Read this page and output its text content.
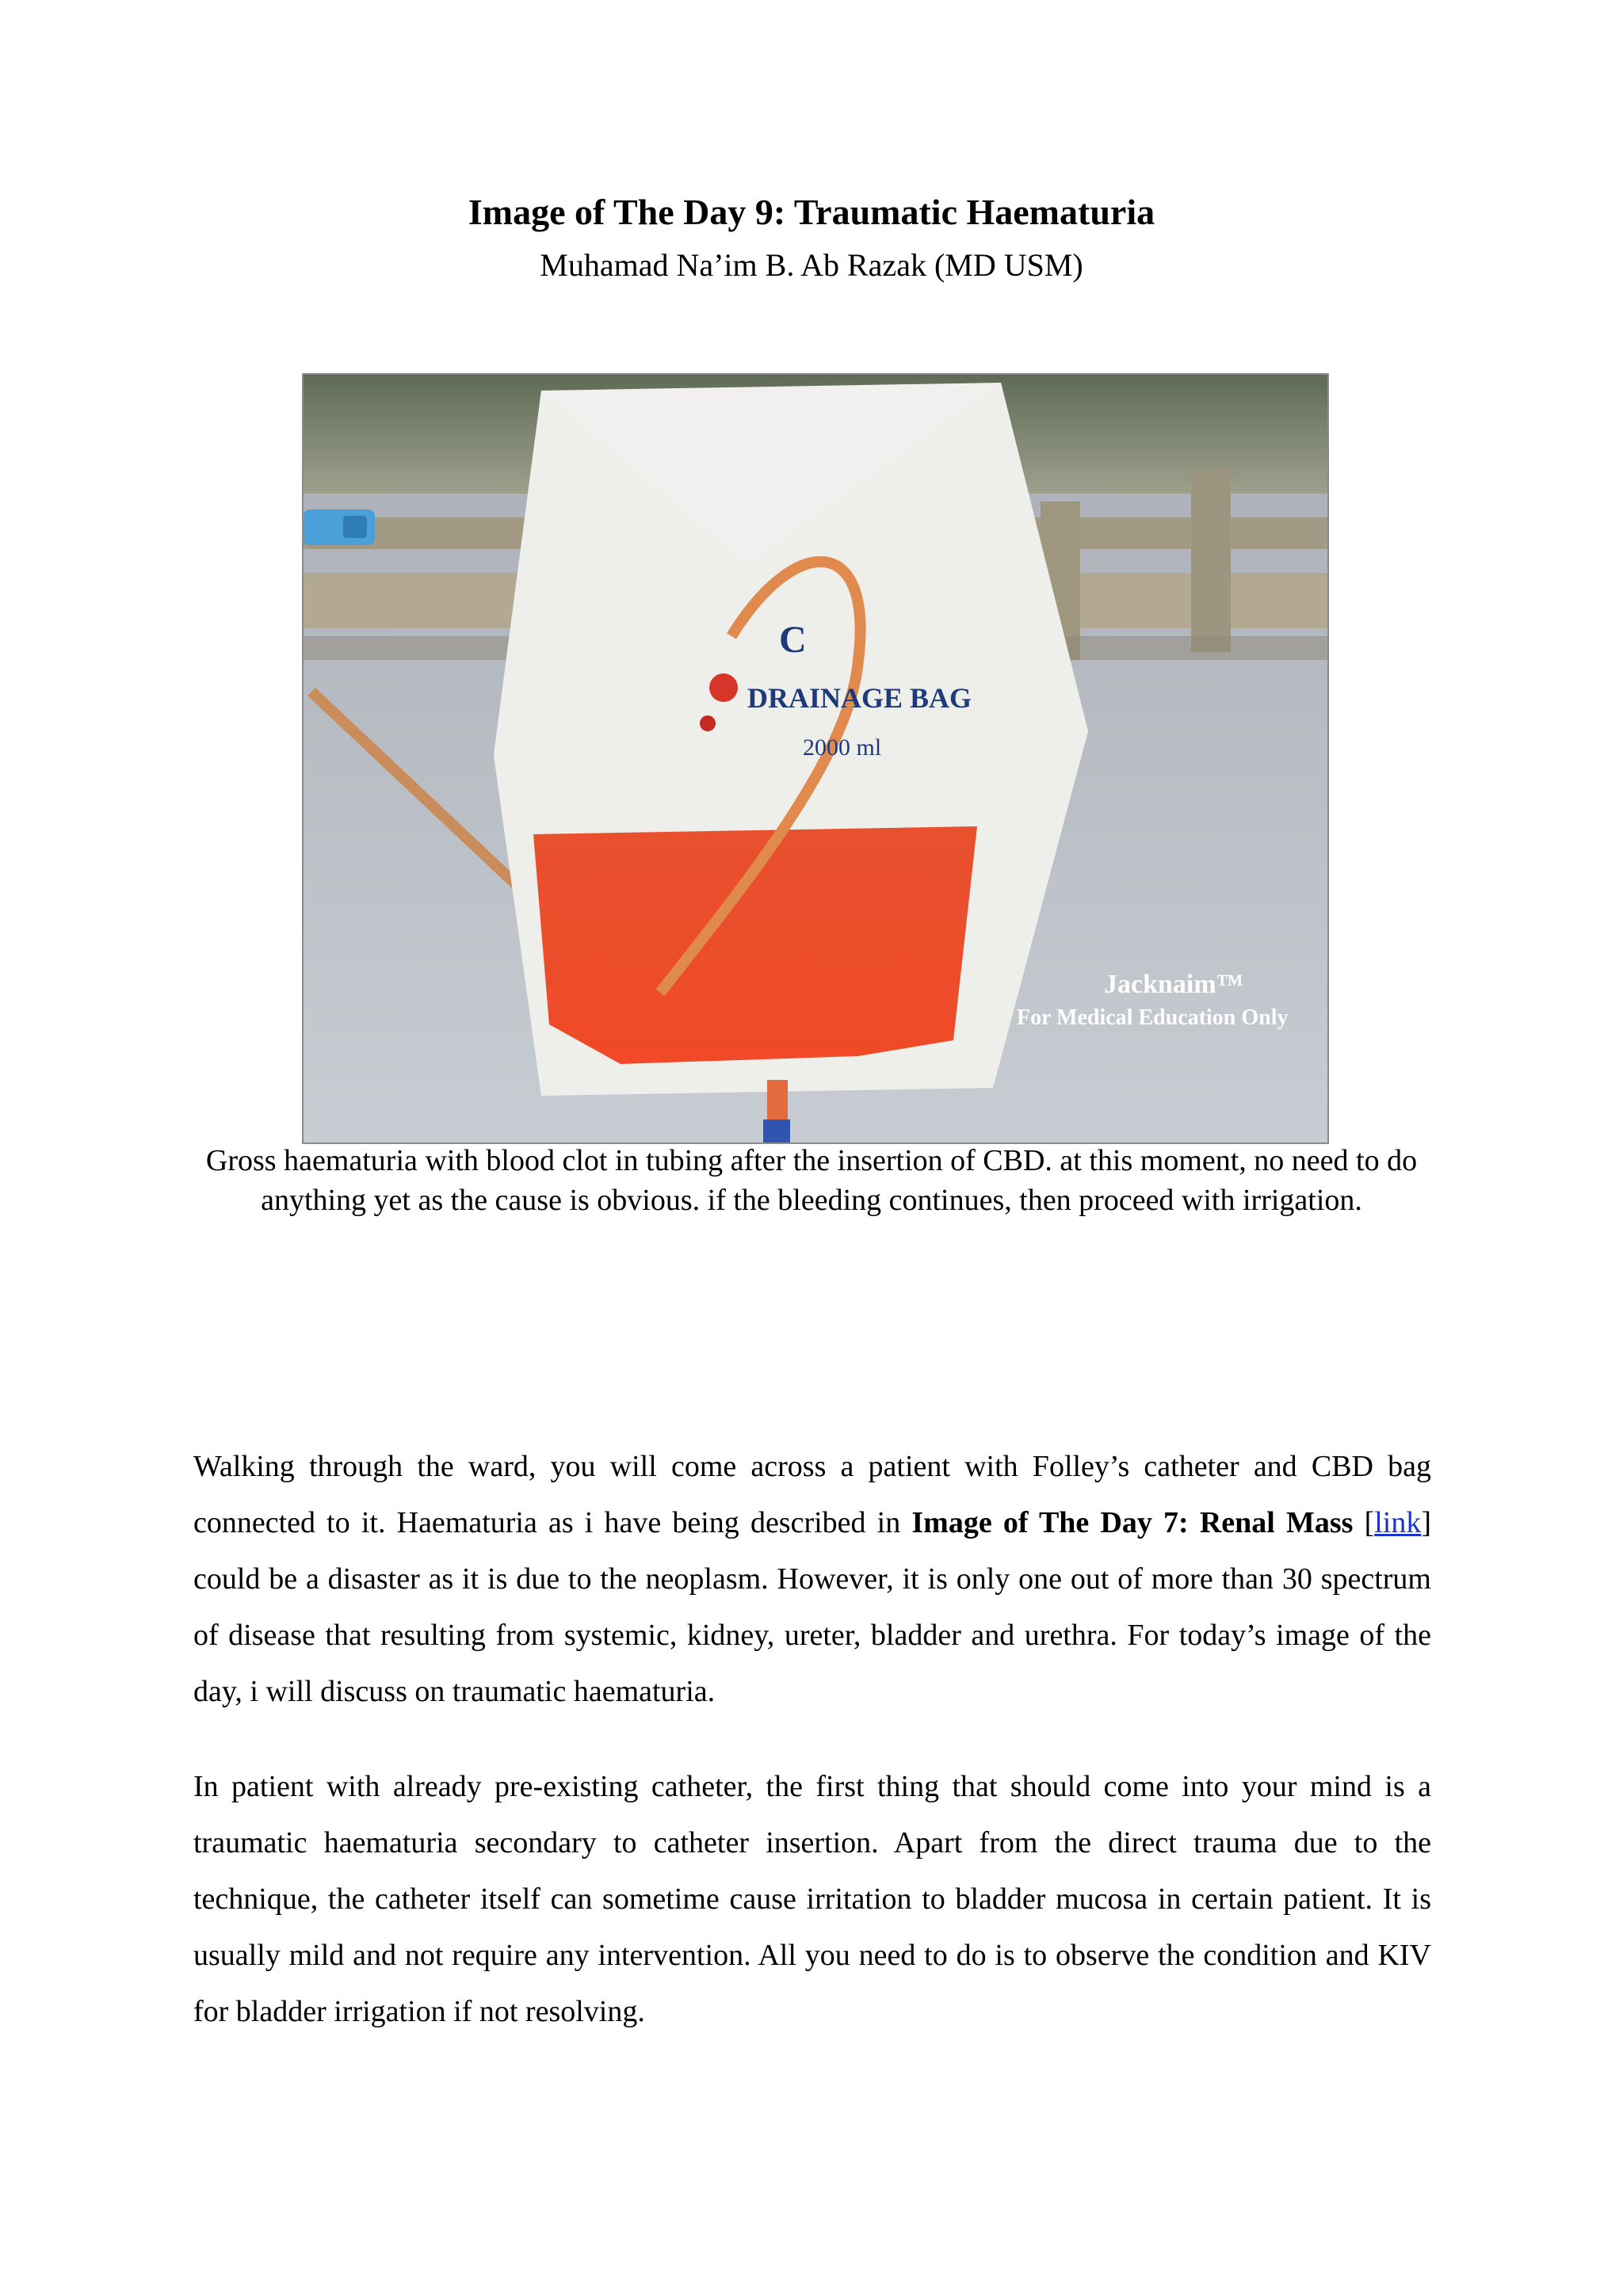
Image of The Day 9: Traumatic Haematuria
Muhamad Na’im B. Ab Razak (MD USM)
C
DRAINAGE BAG
2000 ml
Jacknaim™
For Medical Education Only
Gross haematuria with blood clot in tubing after the insertion of CBD. at this moment, no need to do anything yet as the cause is obvious. if the bleeding continues, then proceed with irrigation.

Walking through the ward, you will come across a patient with Folley’s catheter and CBD bag connected to it. Haematuria as i have being described in Image of The Day 7: Renal Mass [link] could be a disaster as it is due to the neoplasm. However, it is only one out of more than 30 spectrum of disease that resulting from systemic, kidney, ureter, bladder and urethra. For today’s image of the day, i will discuss on traumatic haematuria.

In patient with already pre-existing catheter, the first thing that should come into your mind is a traumatic haematuria secondary to catheter insertion. Apart from the direct trauma due to the technique, the catheter itself can sometime cause irritation to bladder mucosa in certain patient. It is usually mild and not require any intervention. All you need to do is to observe the condition and KIV for bladder irrigation if not resolving.
